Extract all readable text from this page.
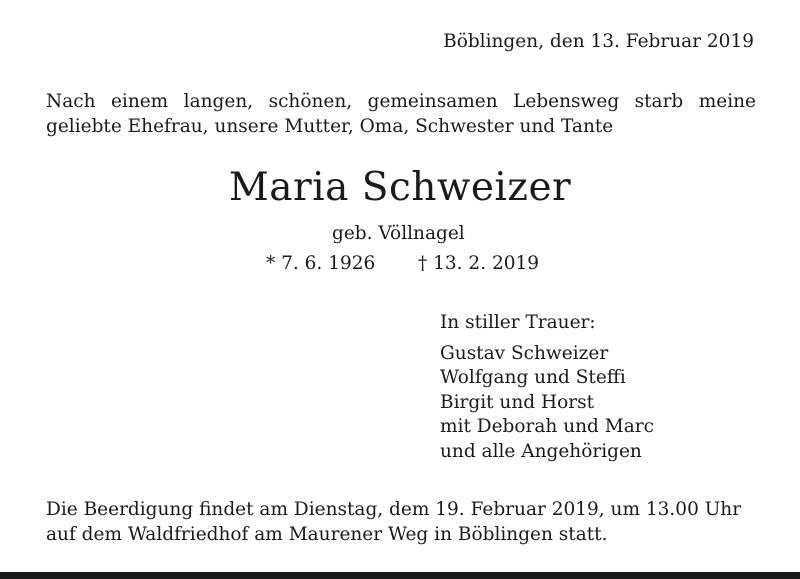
Böblingen, den 13. Februar 2019
Nach einem langen, schönen, gemeinsamen Lebensweg starb meine
geliebte Ehefrau, unsere Mutter, Oma, Schwester und Tante
Maria Schweizer
geb. Völlnagel
* 7. 6. 1926 † 13. 2. 2019
In stiller Trauer:
Gustav Schweizer
Wolfgang und Steffi
Birgit und Horst
mit Deborah und Marc
und alle Angehörigen
Die Beerdigung findet am Dienstag, dem 19. Februar 2019, um 13.00 Uhr
auf dem Waldfriedhof am Maurener Weg in Böblingen statt.
